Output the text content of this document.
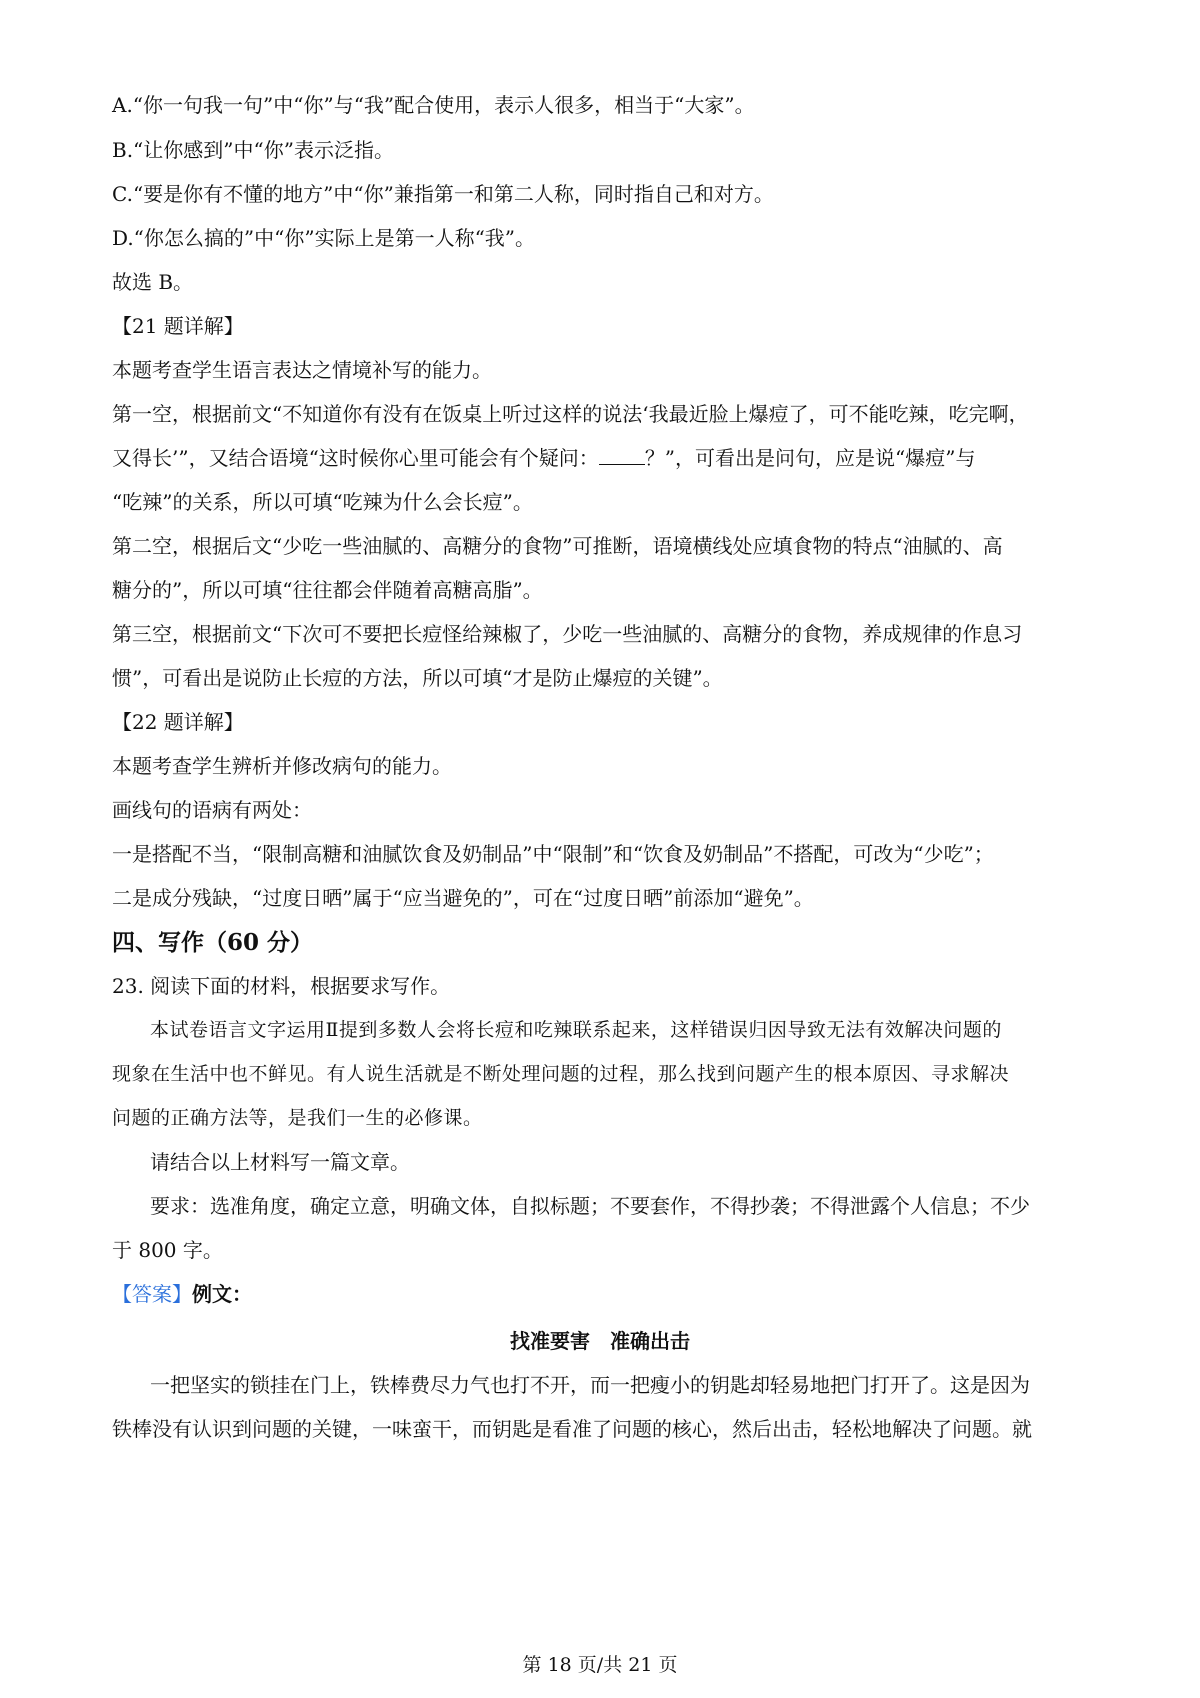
A.“你一句我一句”中“你”与“我”配合使用，表示人很多，相当于“大家”。
B.“让你感到”中“你”表示泛指。
C.“要是你有不懂的地方”中“你”兼指第一和第二人称，同时指自己和对方。
D.“你怎么搞的”中“你”实际上是第一人称“我”。
故选 B。
【21 题详解】
本题考查学生语言表达之情境补写的能力。
第一空，根据前文“不知道你有没有在饭桌上听过这样的说法‘我最近脸上爆痘了，可不能吃辣，吃完啊，
又得长’”，又结合语境“这时候你心里可能会有个疑问： ？”，可看出是问句，应是说“爆痘”与
“吃辣”的关系，所以可填“吃辣为什么会长痘”。
第二空，根据后文“少吃一些油腻的、高糖分的食物”可推断，语境横线处应填食物的特点“油腻的、高
糖分的”，所以可填“往往都会伴随着高糖高脂”。
第三空，根据前文“下次可不要把长痘怪给辣椒了，少吃一些油腻的、高糖分的食物，养成规律的作息习
惯”，可看出是说防止长痘的方法，所以可填“才是防止爆痘的关键”。
【22 题详解】
本题考查学生辨析并修改病句的能力。
画线句的语病有两处：
一是搭配不当，“限制高糖和油腻饮食及奶制品”中“限制”和“饮食及奶制品”不搭配，可改为“少吃”；
二是成分残缺，“过度日晒”属于“应当避免的”，可在“过度日晒”前添加“避免”。
四、写作（60 分）
23. 阅读下面的材料，根据要求写作。
本试卷语言文字运用Ⅱ提到多数人会将长痘和吃辣联系起来，这样错误归因导致无法有效解决问题的
现象在生活中也不鲜见。有人说生活就是不断处理问题的过程，那么找到问题产生的根本原因、寻求解决
问题的正确方法等，是我们一生的必修课。
请结合以上材料写一篇文章。
要求：选准角度，确定立意，明确文体，自拟标题；不要套作，不得抄袭；不得泄露个人信息；不少
于 800 字。
【答案】例文：
找准要害　准确出击
一把坚实的锁挂在门上，铁棒费尽力气也打不开，而一把瘦小的钥匙却轻易地把门打开了。这是因为
铁棒没有认识到问题的关键，一味蛮干，而钥匙是看准了问题的核心，然后出击，轻松地解决了问题。就
第 18 页/共 21 页
